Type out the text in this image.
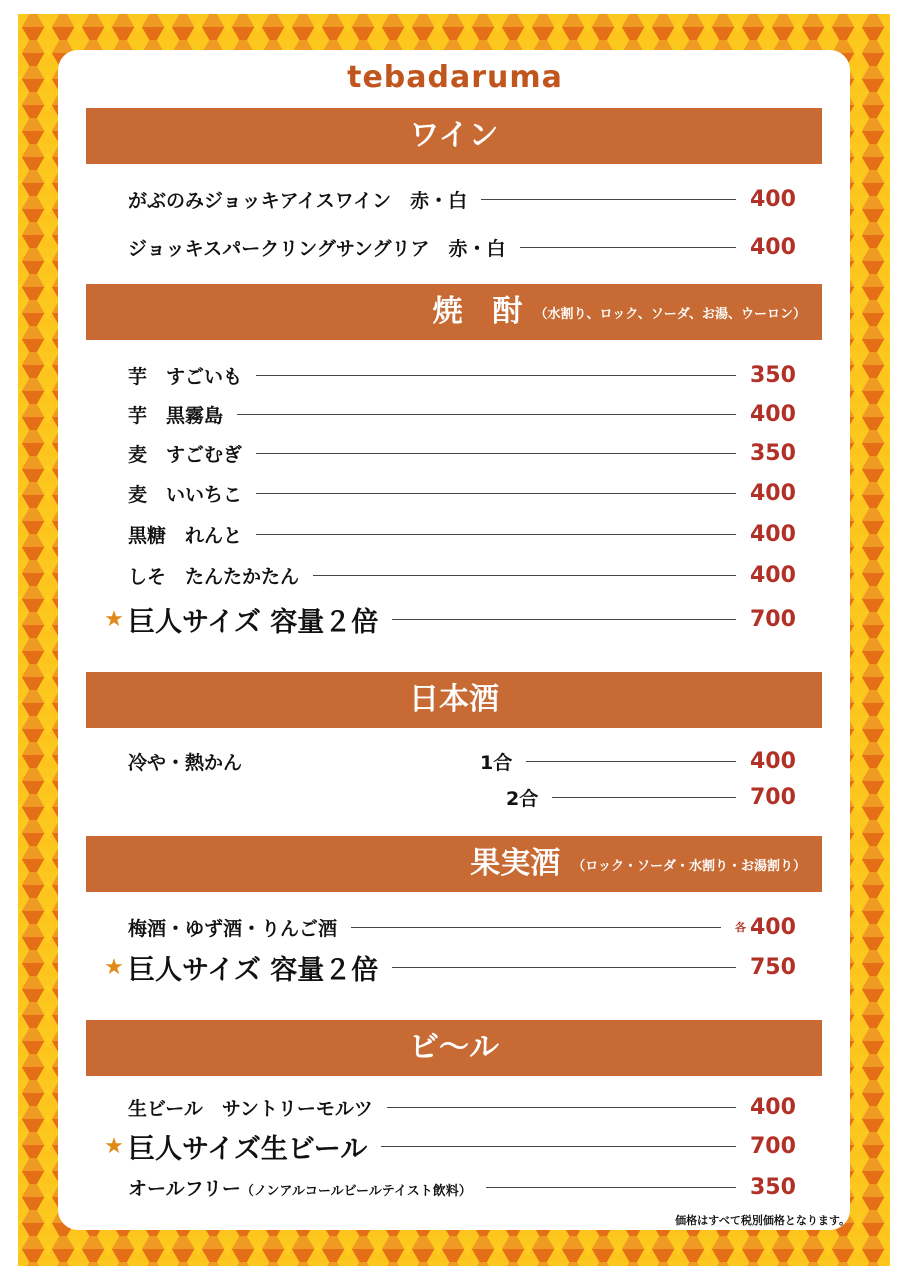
tebadaruma
ワイン
がぶのみジョッキアイスワイン　赤・白	400
ジョッキスパークリングサングリア　赤・白	400
焼　酎 $^{(水割り、ロック、ソーダ、お湯、ウーロン)}$
芋　すごいも	350
芋　黒霧島	400
麦　すごむぎ	350
麦　いいちこ	400
黒糖　れんと	400
しそ　たんたかたん	400
★ 巨人サイズ 容量２倍	700
日本酒
冷や・熱かん	1合	400
2合	700
果実酒 $^{(ロック・ソーダ・水割り・お湯割り)}$
梅酒・ゆず酒・りんご酒	各 400
★ 巨人サイズ 容量２倍	750
ビ〜ル
生ビール　サントリーモルツ	400
★ 巨人サイズ生ビール	700
オールフリー（ノンアルコールビールテイスト飲料）	350
価格はすべて税別価格となります。
